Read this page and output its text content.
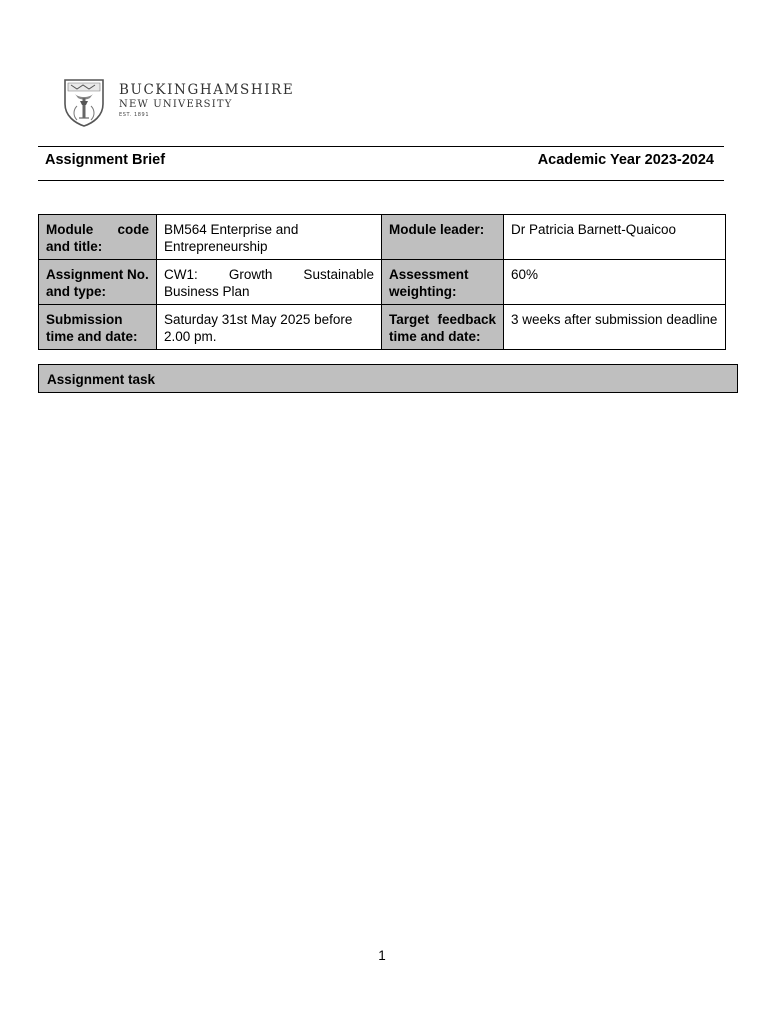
BUCKINGHAMSHIRE
NEW UNIVERSITY
EST. 1891
Assignment Brief	Academic Year 2023-2024
Module code and title:	BM564 Enterprise and Entrepreneurship	Module leader:	Dr Patricia Barnett-Quaicoo
Assignment No. and type:	CW1: Growth Sustainable Business Plan	Assessment weighting:	60%
Submission time and date:	Saturday 31st May 2025 before 2.00 pm.	Target feedback time and date:	3 weeks after submission deadline
Assignment task
1
